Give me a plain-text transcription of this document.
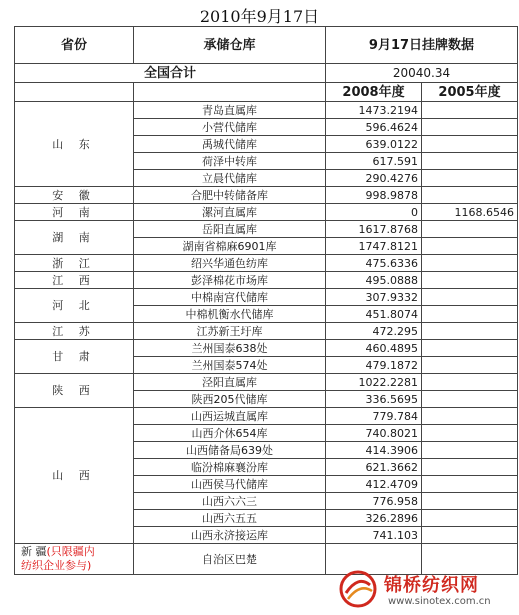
2010年9月17日
省份	承储仓库	9月17日挂牌数据	
全国合计		20040.34	
		2008年度	2005年度
山 东	青岛直属库	1473.2194	
	小营代储库	596.4624	
	禹城代储库	639.0122	
	荷泽中转库	617.591	
	立晨代储库	290.4276	
安 徽	合肥中转储备库	998.9878	
河 南	漯河直属库	0	1168.6546
湖 南	岳阳直属库	1617.8768	
	湖南省棉麻6901库	1747.8121	
浙 江	绍兴华通色纺库	475.6336	
江 西	彭泽棉花市场库	495.0888	
河 北	中棉南宫代储库	307.9332	
	中棉机衡水代储库	451.8074	
江 苏	江苏新王圩库	472.295	
甘 肃	兰州国泰638处	460.4895	
	兰州国泰574处	479.1872	
陕 西	泾阳直属库	1022.2281	
	陕西205代储库	336.5695	
山 西	山西运城直属库	779.784	
	山西介休654库	740.8021	
	山西储备局639处	414.3906	
	临汾棉麻襄汾库	621.3662	
	山西侯马代储库	412.4709	
	山西六六三	776.958	
	山西六五五	326.2896	
	山西永济接运库	741.103	
新 疆(只限疆内
纺织企业参与)	自治区巴楚		
锦桥纺织网
www.sinotex.com.cn
